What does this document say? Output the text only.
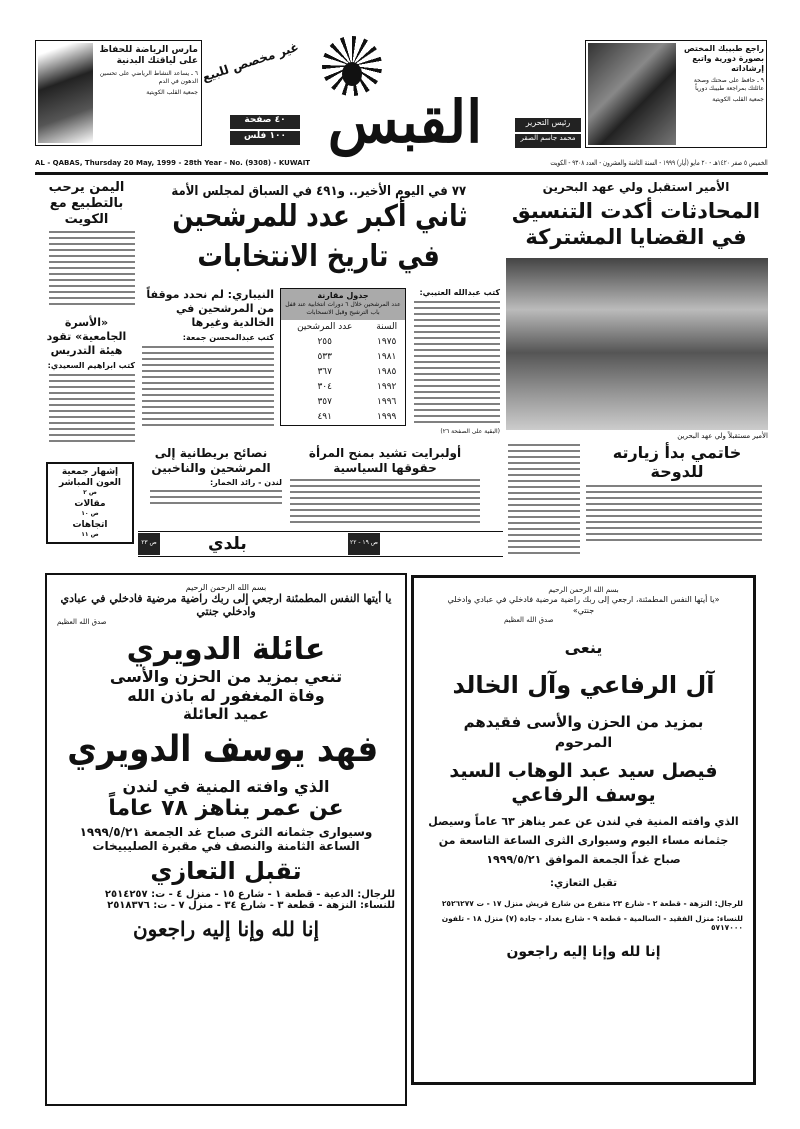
مارس الرياضة للحفاظ على لياقتك البدنية
٦ ـ يساعد النشاط الرياضي على تحسين الدهون في الدم
جمعية القلب الكويتية
غير مخصص للبيع
القبس
٤٠ صفحة
١٠٠ فلس
رئيس التحرير
محمد جاسم الصقر
راجع طبيبك المختص بصورة دورية واتبع إرشاداته
٩ ـ حافظ على صحتك وصحة عائلتك بمراجعة طبيبك دورياً
جمعية القلب الكويتية
AL - QABAS, Thursday 20 May, 1999 - 28th Year - No. (9308) - KUWAIT	الخميس ٥ صفر ١٤٢٠هـ - ٢٠ مايو (أيار) ١٩٩٩ - السنة الثامنة والعشرون - العدد ٩٣٠٨ - الكويت
اليمن يرحب بالتطبيع مع الكويت
«الأسرة الجامعية» تقود هيئة التدريس
كتب ابراهيم السعيدي:
إشهار جمعية العون المباشر
ص ٢
مقالات
ص ١٠
اتجاهات
ص ١١
٧٧ في اليوم الأخير.. و٤٩١ في السباق لمجلس الأمة
ثاني أكبر عدد للمرشحين
في تاريخ الانتخابات
كتب عبدالله العتيبي:
(البقية على الصفحة ٢٦)
جدول مقارنة
عدد المرشحين خلال ٦ دورات انتخابية عند قفل باب الترشيح وقبل الانسحابات
السنة	عدد المرشحين
١٩٧٥	٢٥٥
١٩٨١	٥٣٣
١٩٨٥	٣٦٧
١٩٩٢	٣٠٤
١٩٩٦	٣٥٧
١٩٩٩	٤٩١
النيباري: لم نحدد موقفاً من المرشحين في الخالدية وغيرها
كتب عبدالمحسن جمعة:
أولبرايت تشيد بمنح المرأة حقوقها السياسية
نصائح بريطانية إلى المرشحين والناخبين
لندن - رائد الخمار:
الأمير استقبل ولي عهد البحرين
المحادثات أكدت التنسيق في القضايا المشتركة
الأمير مستقبلاً ولي عهد البحرين
خاتمي بدأ زيارته للدوحة
ص ٢٣	بلدي	ص ١٩ - ٢٢
بسم الله الرحمن الرحيم
يا أيتها النفس المطمئنة ارجعي إلى ربك راضية مرضية فادخلي في عبادي وادخلي جنتي
صدق الله العظيم
عائلة الدويري
تنعي بمزيد من الحزن والأسى
وفاة المغفور له باذن الله
عميد العائلة
فهد يوسف الدويري
الذي وافته المنية في لندن
عن عمر يناهز ٧٨ عاماً
وسيوارى جثمانه الثرى صباح غد الجمعة ١٩٩٩/٥/٢١
الساعة الثامنة والنصف في مقبرة الصليبيخات
تقبل التعازي
للرجال: الدعية - قطعة ١ - شارع ١٥ - منزل ٤ - ت: ٢٥١٤٢٥٧
للنساء: النزهة - قطعة ٣ - شارع ٣٤ - منزل ٧ - ت: ٢٥١٨٣٧٦
إنا لله وإنا إليه راجعون
بسم الله الرحمن الرحيم
«يا أيتها النفس المطمئنة، ارجعي إلى ربك راضية مرضية فادخلي في عبادي وادخلي جنتي»
صدق الله العظيم
ينعى
آل الرفاعي وآل الخالد
بمزيد من الحزن والأسى فقيدهم
المرحوم
فيصل سيد عبد الوهاب السيد يوسف الرفاعي
الذي وافته المنية في لندن عن عمر يناهز ٦٣ عاماً وسيصل
جثمانه مساء اليوم وسيوارى الثرى الساعة التاسعة من
صباح غداً الجمعة الموافق ١٩٩٩/٥/٢١
تقبل التعازي:
للرجال: النزهة - قطعة ٢ - شارع ٢٣ متفرع من شارع قريش منزل ١٧ - ت ٢٥٢٦٢٧٧
للنساء: منزل الفقيد - السالمية - قطعة ٩ - شارع بغداد - جادة (٧) منزل ١٨ - تلفون ٥٧١٧٠٠٠
إنا لله وإنا إليه راجعون
